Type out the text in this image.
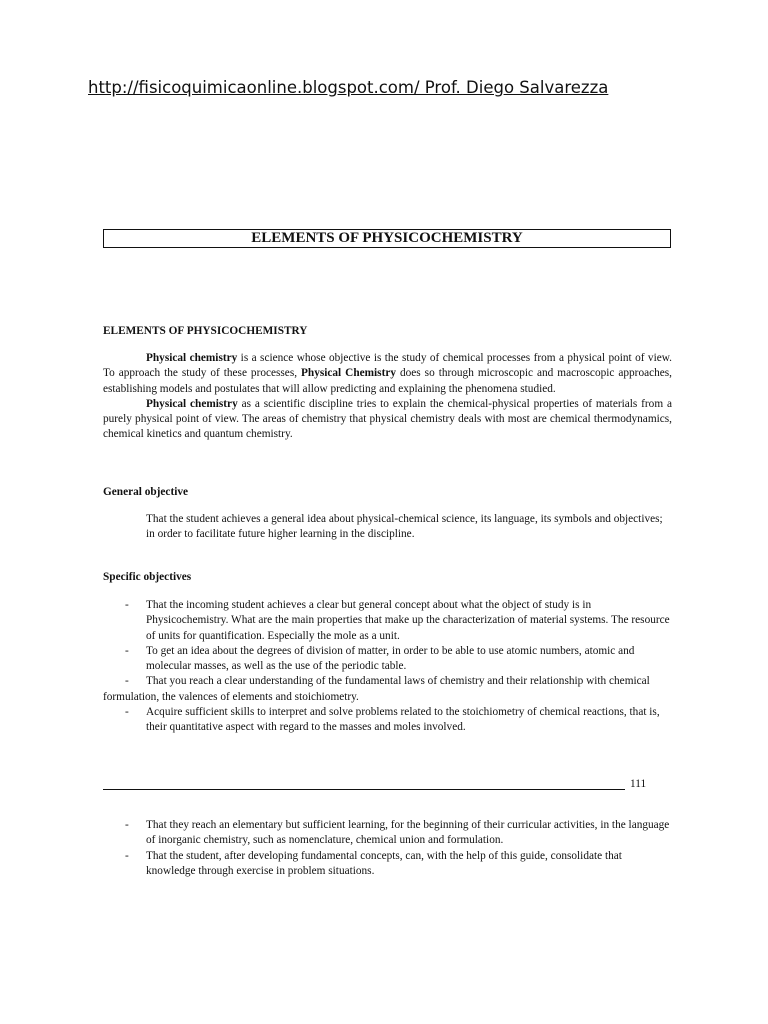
http://fisicoquimicaonline.blogspot.com/ Prof. Diego Salvarezza
ELEMENTS OF PHYSICOCHEMISTRY
ELEMENTS OF PHYSICOCHEMISTRY

Physical chemistry is a science whose objective is the study of chemical processes from a physical point of view. To approach the study of these processes, Physical Chemistry does so through microscopic and macroscopic approaches, establishing models and postulates that will allow predicting and explaining the phenomena studied.

Physical chemistry as a scientific discipline tries to explain the chemical-physical properties of materials from a purely physical point of view. The areas of chemistry that physical chemistry deals with most are chemical thermodynamics, chemical kinetics and quantum chemistry.

General objective
That the student achieves a general idea about physical-chemical science, its language, its symbols and objectives; in order to facilitate future higher learning in the discipline.
Specific objectives
- That the incoming student achieves a clear but general concept about what the object of study is in Physicochemistry. What are the main properties that make up the characterization of material systems. The resource of units for quantification. Especially the mole as a unit.
- To get an idea about the degrees of division of matter, in order to be able to use atomic numbers, atomic and molecular masses, as well as the use of the periodic table.
- That you reach a clear understanding of the fundamental laws of chemistry and their relationship with chemical formulation, the valences of elements and stoichiometry.
- Acquire sufficient skills to interpret and solve problems related to the stoichiometry of chemical reactions, that is, their quantitative aspect with regard to the masses and moles involved.
111
- That they reach an elementary but sufficient learning, for the beginning of their curricular activities, in the language of inorganic chemistry, such as nomenclature, chemical union and formulation.
- That the student, after developing fundamental concepts, can, with the help of this guide, consolidate that knowledge through exercise in problem situations.
